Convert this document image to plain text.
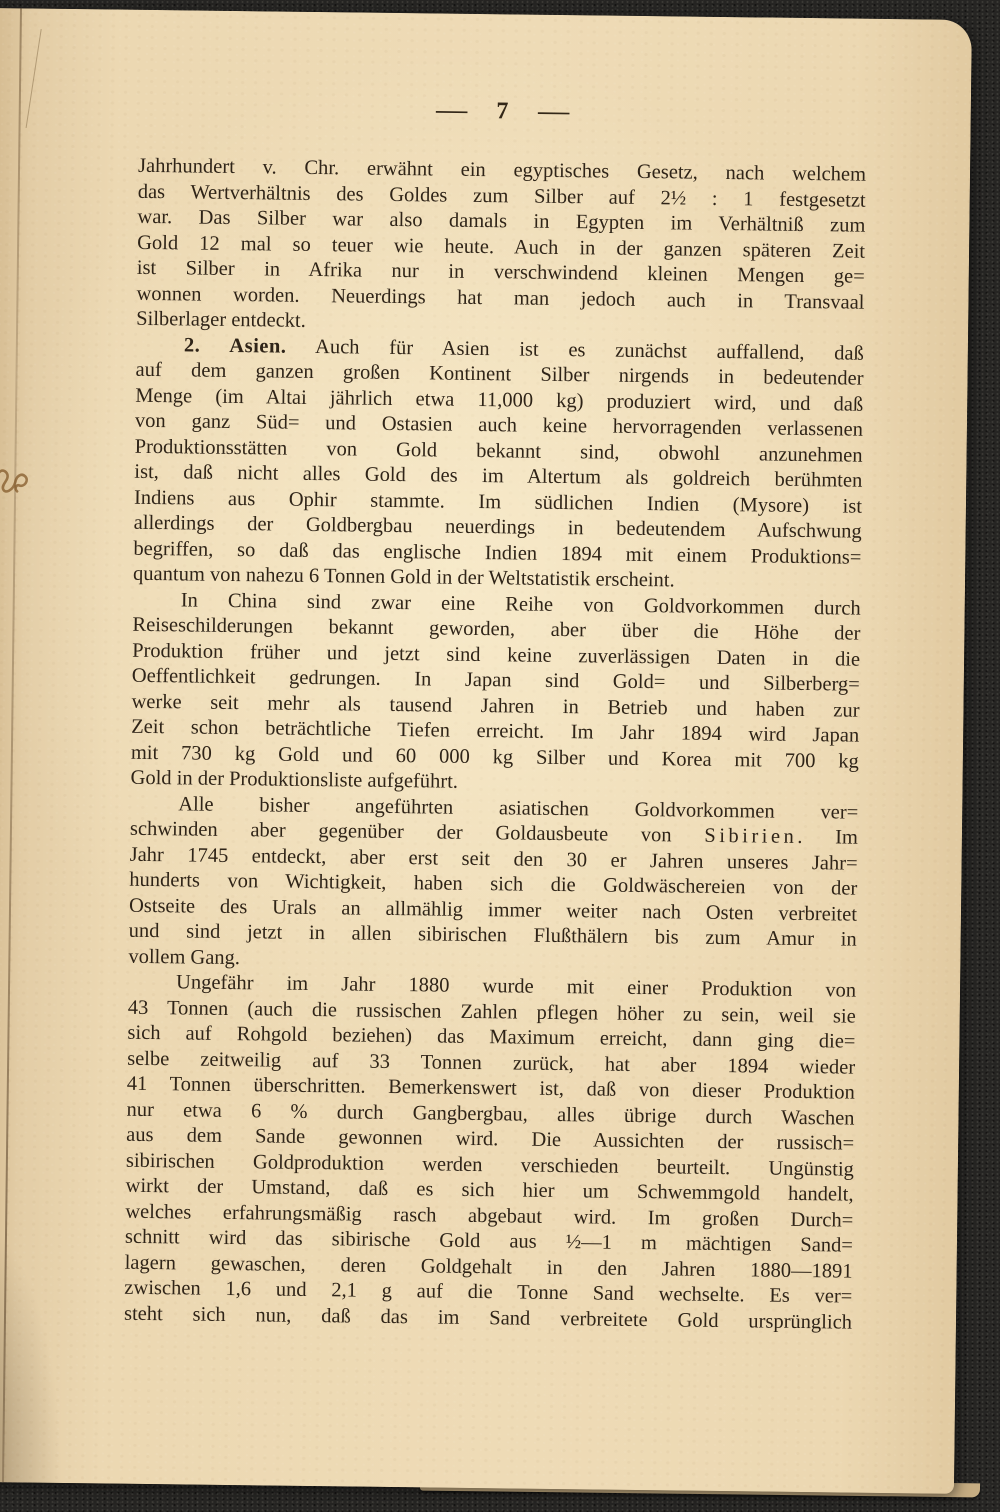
— 7 —
Jahrhundert v. Chr. erwähnt ein egyptisches Gesetz, nach welchem
das Wertverhältnis des Goldes zum Silber auf 2½ : 1 festgesetzt
war. Das Silber war also damals in Egypten im Verhältniß zum
Gold 12 mal so teuer wie heute. Auch in der ganzen späteren Zeit
ist Silber in Afrika nur in verschwindend kleinen Mengen ge=
wonnen worden. Neuerdings hat man jedoch auch in Transvaal
Silberlager entdeckt.
2. Asien. Auch für Asien ist es zunächst auffallend, daß
auf dem ganzen großen Kontinent Silber nirgends in bedeutender
Menge (im Altai jährlich etwa 11,000 kg) produziert wird, und daß
von ganz Süd= und Ostasien auch keine hervorragenden verlassenen
Produktionsstätten von Gold bekannt sind, obwohl anzunehmen
ist, daß nicht alles Gold des im Altertum als goldreich berühmten
Indiens aus Ophir stammte. Im südlichen Indien (Mysore) ist
allerdings der Goldbergbau neuerdings in bedeutendem Aufschwung
begriffen, so daß das englische Indien 1894 mit einem Produktions=
quantum von nahezu 6 Tonnen Gold in der Weltstatistik erscheint.
In China sind zwar eine Reihe von Goldvorkommen durch
Reiseschilderungen bekannt geworden, aber über die Höhe der
Produktion früher und jetzt sind keine zuverlässigen Daten in die
Oeffentlichkeit gedrungen. In Japan sind Gold= und Silberberg=
werke seit mehr als tausend Jahren in Betrieb und haben zur
Zeit schon beträchtliche Tiefen erreicht. Im Jahr 1894 wird Japan
mit 730 kg Gold und 60 000 kg Silber und Korea mit 700 kg
Gold in der Produktionsliste aufgeführt.
Alle bisher angeführten asiatischen Goldvorkommen ver=
schwinden aber gegenüber der Goldausbeute von Sibirien. Im
Jahr 1745 entdeckt, aber erst seit den 30 er Jahren unseres Jahr=
hunderts von Wichtigkeit, haben sich die Goldwäschereien von der
Ostseite des Urals an allmählig immer weiter nach Osten verbreitet
und sind jetzt in allen sibirischen Flußthälern bis zum Amur in
vollem Gang.
Ungefähr im Jahr 1880 wurde mit einer Produktion von
43 Tonnen (auch die russischen Zahlen pflegen höher zu sein, weil sie
sich auf Rohgold beziehen) das Maximum erreicht, dann ging die=
selbe zeitweilig auf 33 Tonnen zurück, hat aber 1894 wieder
41 Tonnen überschritten. Bemerkenswert ist, daß von dieser Produktion
nur etwa 6 % durch Gangbergbau, alles übrige durch Waschen
aus dem Sande gewonnen wird. Die Aussichten der russisch=
sibirischen Goldproduktion werden verschieden beurteilt. Ungünstig
wirkt der Umstand, daß es sich hier um Schwemmgold handelt,
welches erfahrungsmäßig rasch abgebaut wird. Im großen Durch=
schnitt wird das sibirische Gold aus ½—1 m mächtigen Sand=
lagern gewaschen, deren Goldgehalt in den Jahren 1880—1891
zwischen 1,6 und 2,1 g auf die Tonne Sand wechselte. Es ver=
steht sich nun, daß das im Sand verbreitete Gold ursprünglich
